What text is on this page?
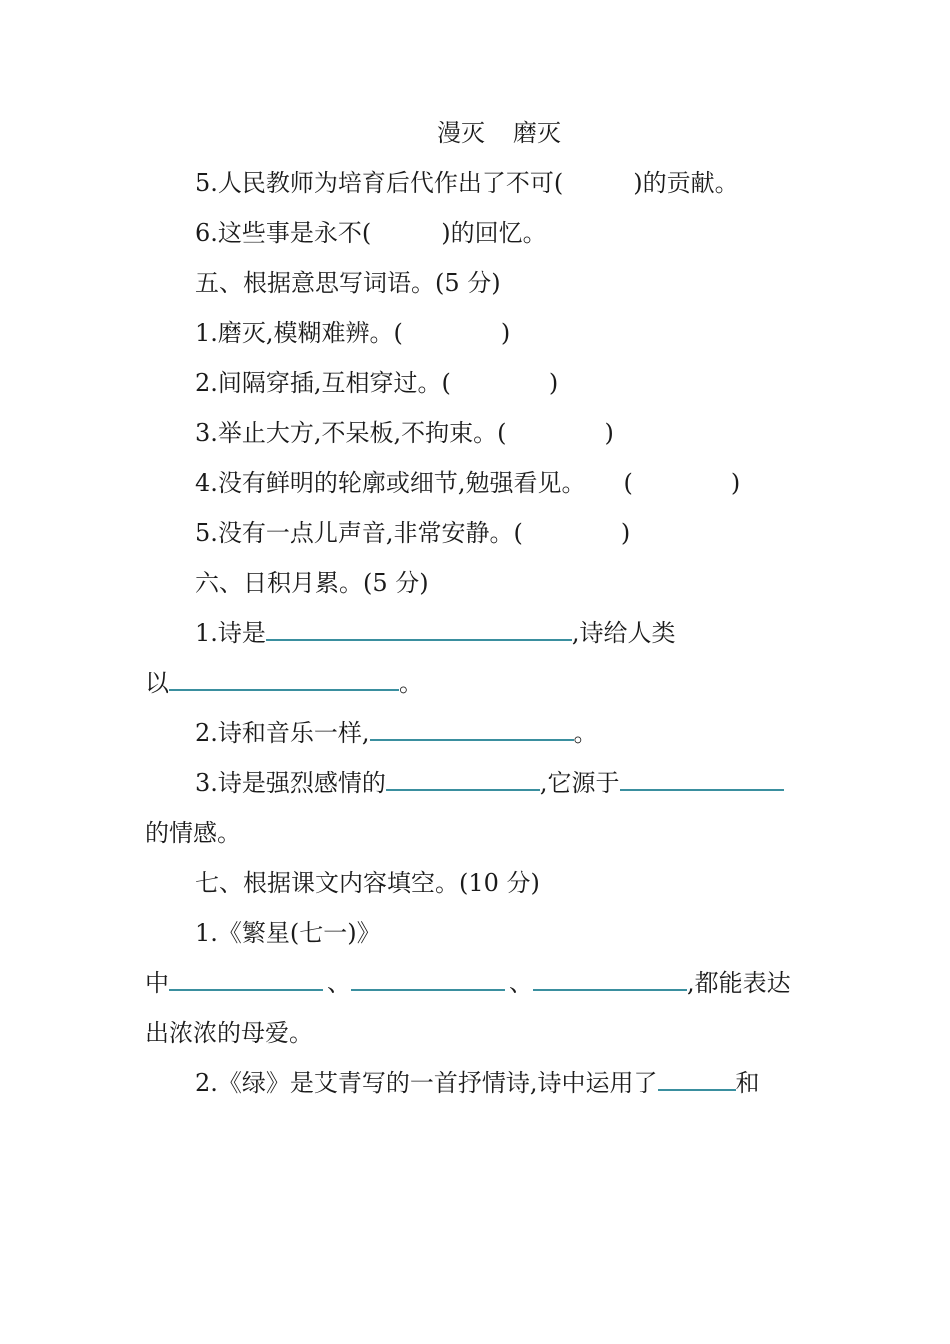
漫灭 磨灭
5.人民教师为培育后代作出了不可(	)的贡献。
6.这些事是永不(	)的回忆。
五、根据意思写词语。(5 分)
1.磨灭,模糊难辨。(	)
2.间隔穿插,互相穿过。(	)
3.举止大方,不呆板,不拘束。(	)
4.没有鲜明的轮廓或细节,勉强看见。 (	)
5.没有一点儿声音,非常安静。(	)
六、日积月累。(5 分)
1.诗是	,诗给人类
以	。
2.诗和音乐一样,	。
3.诗是强烈感情的	,它源于
的情感。
七、根据课文内容填空。(10 分)
1.《繁星(七一)》
中	、	、	,都能表达
出浓浓的母爱。
2.《绿》是艾青写的一首抒情诗,诗中运用了	和
